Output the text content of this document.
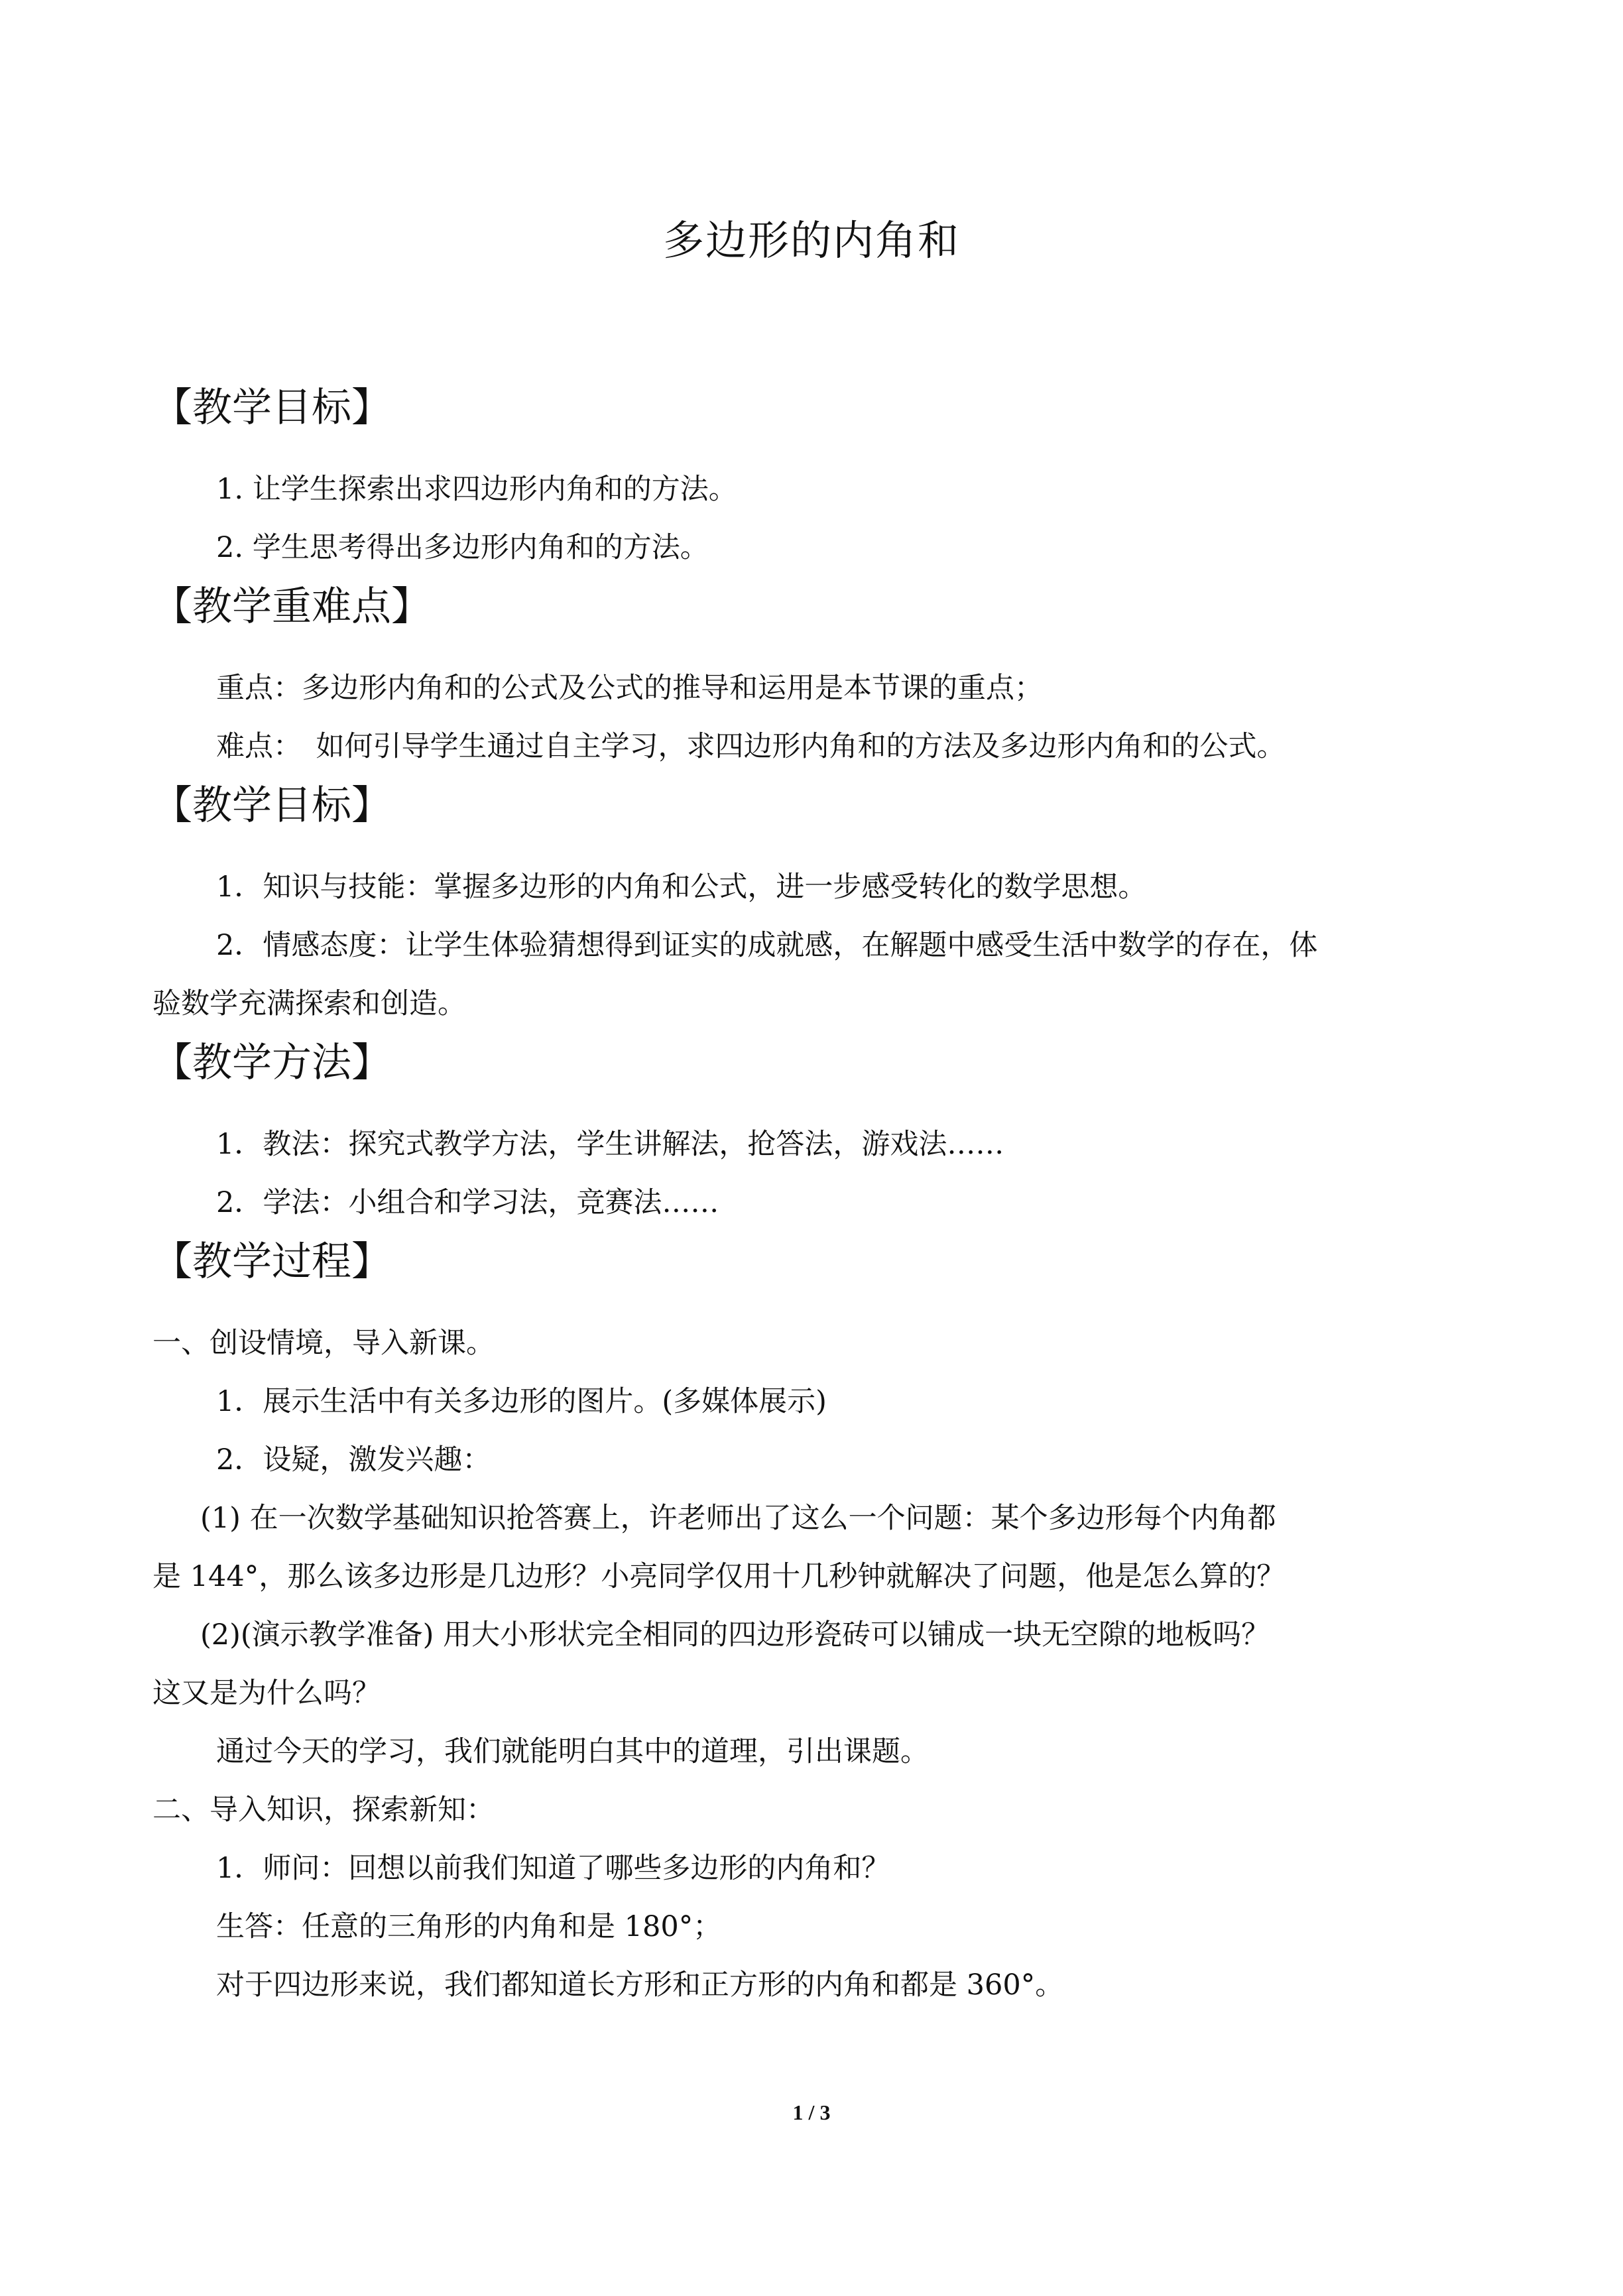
多边形的内角和
【教学目标】
1. 让学生探索出求四边形内角和的方法。
2. 学生思考得出多边形内角和的方法。
【教学重难点】
重点：多边形内角和的公式及公式的推导和运用是本节课的重点；
难点：　如何引导学生通过自主学习，求四边形内角和的方法及多边形内角和的公式。
【教学目标】
1．知识与技能：掌握多边形的内角和公式，进一步感受转化的数学思想。
2．情感态度：让学生体验猜想得到证实的成就感，在解题中感受生活中数学的存在，体
验数学充满探索和创造。
【教学方法】
1．教法：探究式教学方法，学生讲解法，抢答法，游戏法……
2．学法：小组合和学习法，竞赛法……
【教学过程】
一、创设情境，导入新课。
1．展示生活中有关多边形的图片。(多媒体展示)
2．设疑，激发兴趣：
(1) 在一次数学基础知识抢答赛上，许老师出了这么一个问题：某个多边形每个内角都
是 144°，那么该多边形是几边形？小亮同学仅用十几秒钟就解决了问题，他是怎么算的？
(2)(演示教学准备) 用大小形状完全相同的四边形瓷砖可以铺成一块无空隙的地板吗？
这又是为什么吗？
通过今天的学习，我们就能明白其中的道理，引出课题。
二、导入知识，探索新知：
1．师问：回想以前我们知道了哪些多边形的内角和？
生答：任意的三角形的内角和是 180°；
对于四边形来说，我们都知道长方形和正方形的内角和都是 360°。
1 / 3
